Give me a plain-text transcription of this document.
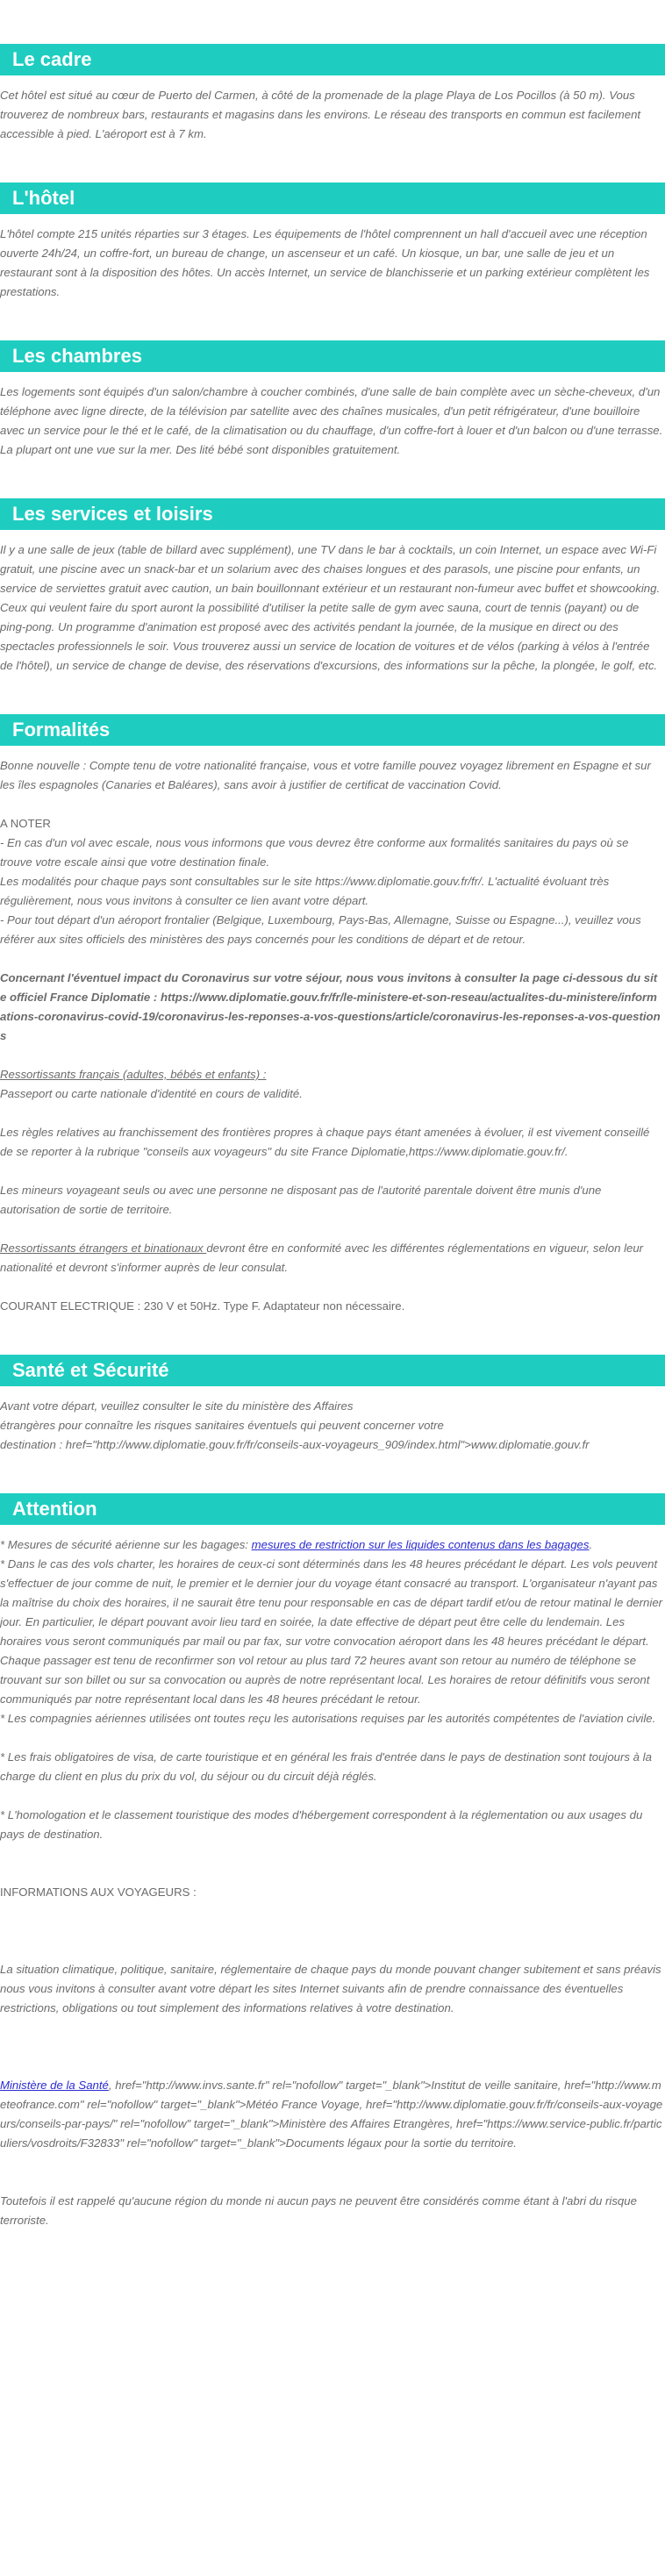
Le cadre

Cet hôtel est situé au cœur de Puerto del Carmen, à côté de la promenade de la plage Playa de Los Pocillos (à 50 m). Vous trouverez de nombreux bars, restaurants et magasins dans les environs. Le réseau des transports en commun est facilement accessible à pied. L'aéroport est à 7 km.

L'hôtel

L'hôtel compte 215 unités réparties sur 3 étages. Les équipements de l'hôtel comprennent un hall d'accueil avec une réception ouverte 24h/24, un coffre-fort, un bureau de change, un ascenseur et un café. Un kiosque, un bar, une salle de jeu et un restaurant sont à la disposition des hôtes. Un accès Internet, un service de blanchisserie et un parking extérieur complètent les prestations.

Les chambres

Les logements sont équipés d'un salon/chambre à coucher combinés, d'une salle de bain complète avec un sèche-cheveux, d'un téléphone avec ligne directe, de la télévision par satellite avec des chaînes musicales, d'un petit réfrigérateur, d'une bouilloire avec un service pour le thé et le café, de la climatisation ou du chauffage, d'un coffre-fort à louer et d'un balcon ou d'une terrasse. La plupart ont une vue sur la mer. Des lité bébé sont disponibles gratuitement.

Les services et loisirs

Il y a une salle de jeux (table de billard avec supplément), une TV dans le bar à cocktails, un coin Internet, un espace avec Wi-Fi gratuit, une piscine avec un snack-bar et un solarium avec des chaises longues et des parasols, une piscine pour enfants, un service de serviettes gratuit avec caution, un bain bouillonnant extérieur et un restaurant non-fumeur avec buffet et showcooking. Ceux qui veulent faire du sport auront la possibilité d'utiliser la petite salle de gym avec sauna, court de tennis (payant) ou de ping-pong. Un programme d'animation est proposé avec des activités pendant la journée, de la musique en direct ou des spectacles professionnels le soir. Vous trouverez aussi un service de location de voitures et de vélos (parking à vélos à l'entrée de l'hôtel), un service de change de devise, des réservations d'excursions, des informations sur la pêche, la plongée, le golf, etc.

Formalités

Bonne nouvelle : Compte tenu de votre nationalité française, vous et votre famille pouvez voyagez librement en Espagne et sur les îles espagnoles (Canaries et Baléares), sans avoir à justifier de certificat de vaccination Covid.

A NOTER

- En cas d'un vol avec escale, nous vous informons que vous devrez être conforme aux formalités sanitaires du pays où se trouve votre escale ainsi que votre destination finale.

Les modalités pour chaque pays sont consultables sur le site https://www.diplomatie.gouv.fr/fr/. L'actualité évoluant très régulièrement, nous vous invitons à consulter ce lien avant votre départ.

- Pour tout départ d'un aéroport frontalier (Belgique, Luxembourg, Pays-Bas, Allemagne, Suisse ou Espagne...), veuillez vous référer aux sites officiels des ministères des pays concernés pour les conditions de départ et de retour.

Concernant l'éventuel impact du Coronavirus sur votre séjour, nous vous invitons à consulter la page ci-dessous du site officiel France Diplomatie : https://www.diplomatie.gouv.fr/fr/le-ministere-et-son-reseau/actualites-du-ministere/informations-coronavirus-covid-19/coronavirus-les-reponses-a-vos-questions/article/coronavirus-les-reponses-a-vos-questions

Ressortissants français (adultes, bébés et enfants) :

Passeport ou carte nationale d'identité en cours de validité.

Les règles relatives au franchissement des frontières propres à chaque pays étant amenées à évoluer, il est vivement conseillé de se reporter à la rubrique "conseils aux voyageurs" du site France Diplomatie,https://www.diplomatie.gouv.fr/.

Les mineurs voyageant seuls ou avec une personne ne disposant pas de l'autorité parentale doivent être munis d'une autorisation de sortie de territoire.

Ressortissants étrangers et binationaux devront être en conformité avec les différentes réglementations en vigueur, selon leur nationalité et devront s'informer auprès de leur consulat.

COURANT ELECTRIQUE : 230 V et 50Hz. Type F. Adaptateur non nécessaire.

Santé et Sécurité

Avant votre départ, veuillez consulter le site du ministère des Affaires

étrangères pour connaître les risques sanitaires éventuels qui peuvent concerner votre

destination : href="http://www.diplomatie.gouv.fr/fr/conseils-aux-voyageurs_909/index.html">www.diplomatie.gouv.fr

Attention

* Mesures de sécurité aérienne sur les bagages: mesures de restriction sur les liquides contenus dans les bagages.

* Dans le cas des vols charter, les horaires de ceux-ci sont déterminés dans les 48 heures précédant le départ. Les vols peuvent s'effectuer de jour comme de nuit, le premier et le dernier jour du voyage étant consacré au transport. L'organisateur n'ayant pas la maîtrise du choix des horaires, il ne saurait être tenu pour responsable en cas de départ tardif et/ou de retour matinal le dernier jour. En particulier, le départ pouvant avoir lieu tard en soirée, la date effective de départ peut être celle du lendemain. Les horaires vous seront communiqués par mail ou par fax, sur votre convocation aéroport dans les 48 heures précédant le départ. Chaque passager est tenu de reconfirmer son vol retour au plus tard 72 heures avant son retour au numéro de téléphone se trouvant sur son billet ou sur sa convocation ou auprès de notre représentant local. Les horaires de retour définitifs vous seront communiqués par notre représentant local dans les 48 heures précédant le retour.

* Les compagnies aériennes utilisées ont toutes reçu les autorisations requises par les autorités compétentes de l'aviation civile.

* Les frais obligatoires de visa, de carte touristique et en général les frais d'entrée dans le pays de destination sont toujours à la charge du client en plus du prix du vol, du séjour ou du circuit déjà réglés.

* L'homologation et le classement touristique des modes d'hébergement correspondent à la réglementation ou aux usages du pays de destination.

INFORMATIONS AUX VOYAGEURS :

La situation climatique, politique, sanitaire, réglementaire de chaque pays du monde pouvant changer subitement et sans préavis

nous vous invitons à consulter avant votre départ les sites Internet suivants afin de prendre connaissance des éventuelles restrictions, obligations ou tout simplement des informations relatives à votre destination.

Ministère de la Santé, href="http://www.invs.sante.fr" rel="nofollow" target="_blank">Institut de veille sanitaire, href="http://www.meteofrance.com" rel="nofollow" target="_blank">Météo France Voyage, href="http://www.diplomatie.gouv.fr/fr/conseils-aux-voyageurs/conseils-par-pays/" rel="nofollow" target="_blank">Ministère des Affaires Etrangères, href="https://www.service-public.fr/particuliers/vosdroits/F32833" rel="nofollow" target="_blank">Documents légaux pour la sortie du territoire.

Toutefois il est rappelé qu'aucune région du monde ni aucun pays ne peuvent être considérés comme étant à l'abri du risque terroriste.
